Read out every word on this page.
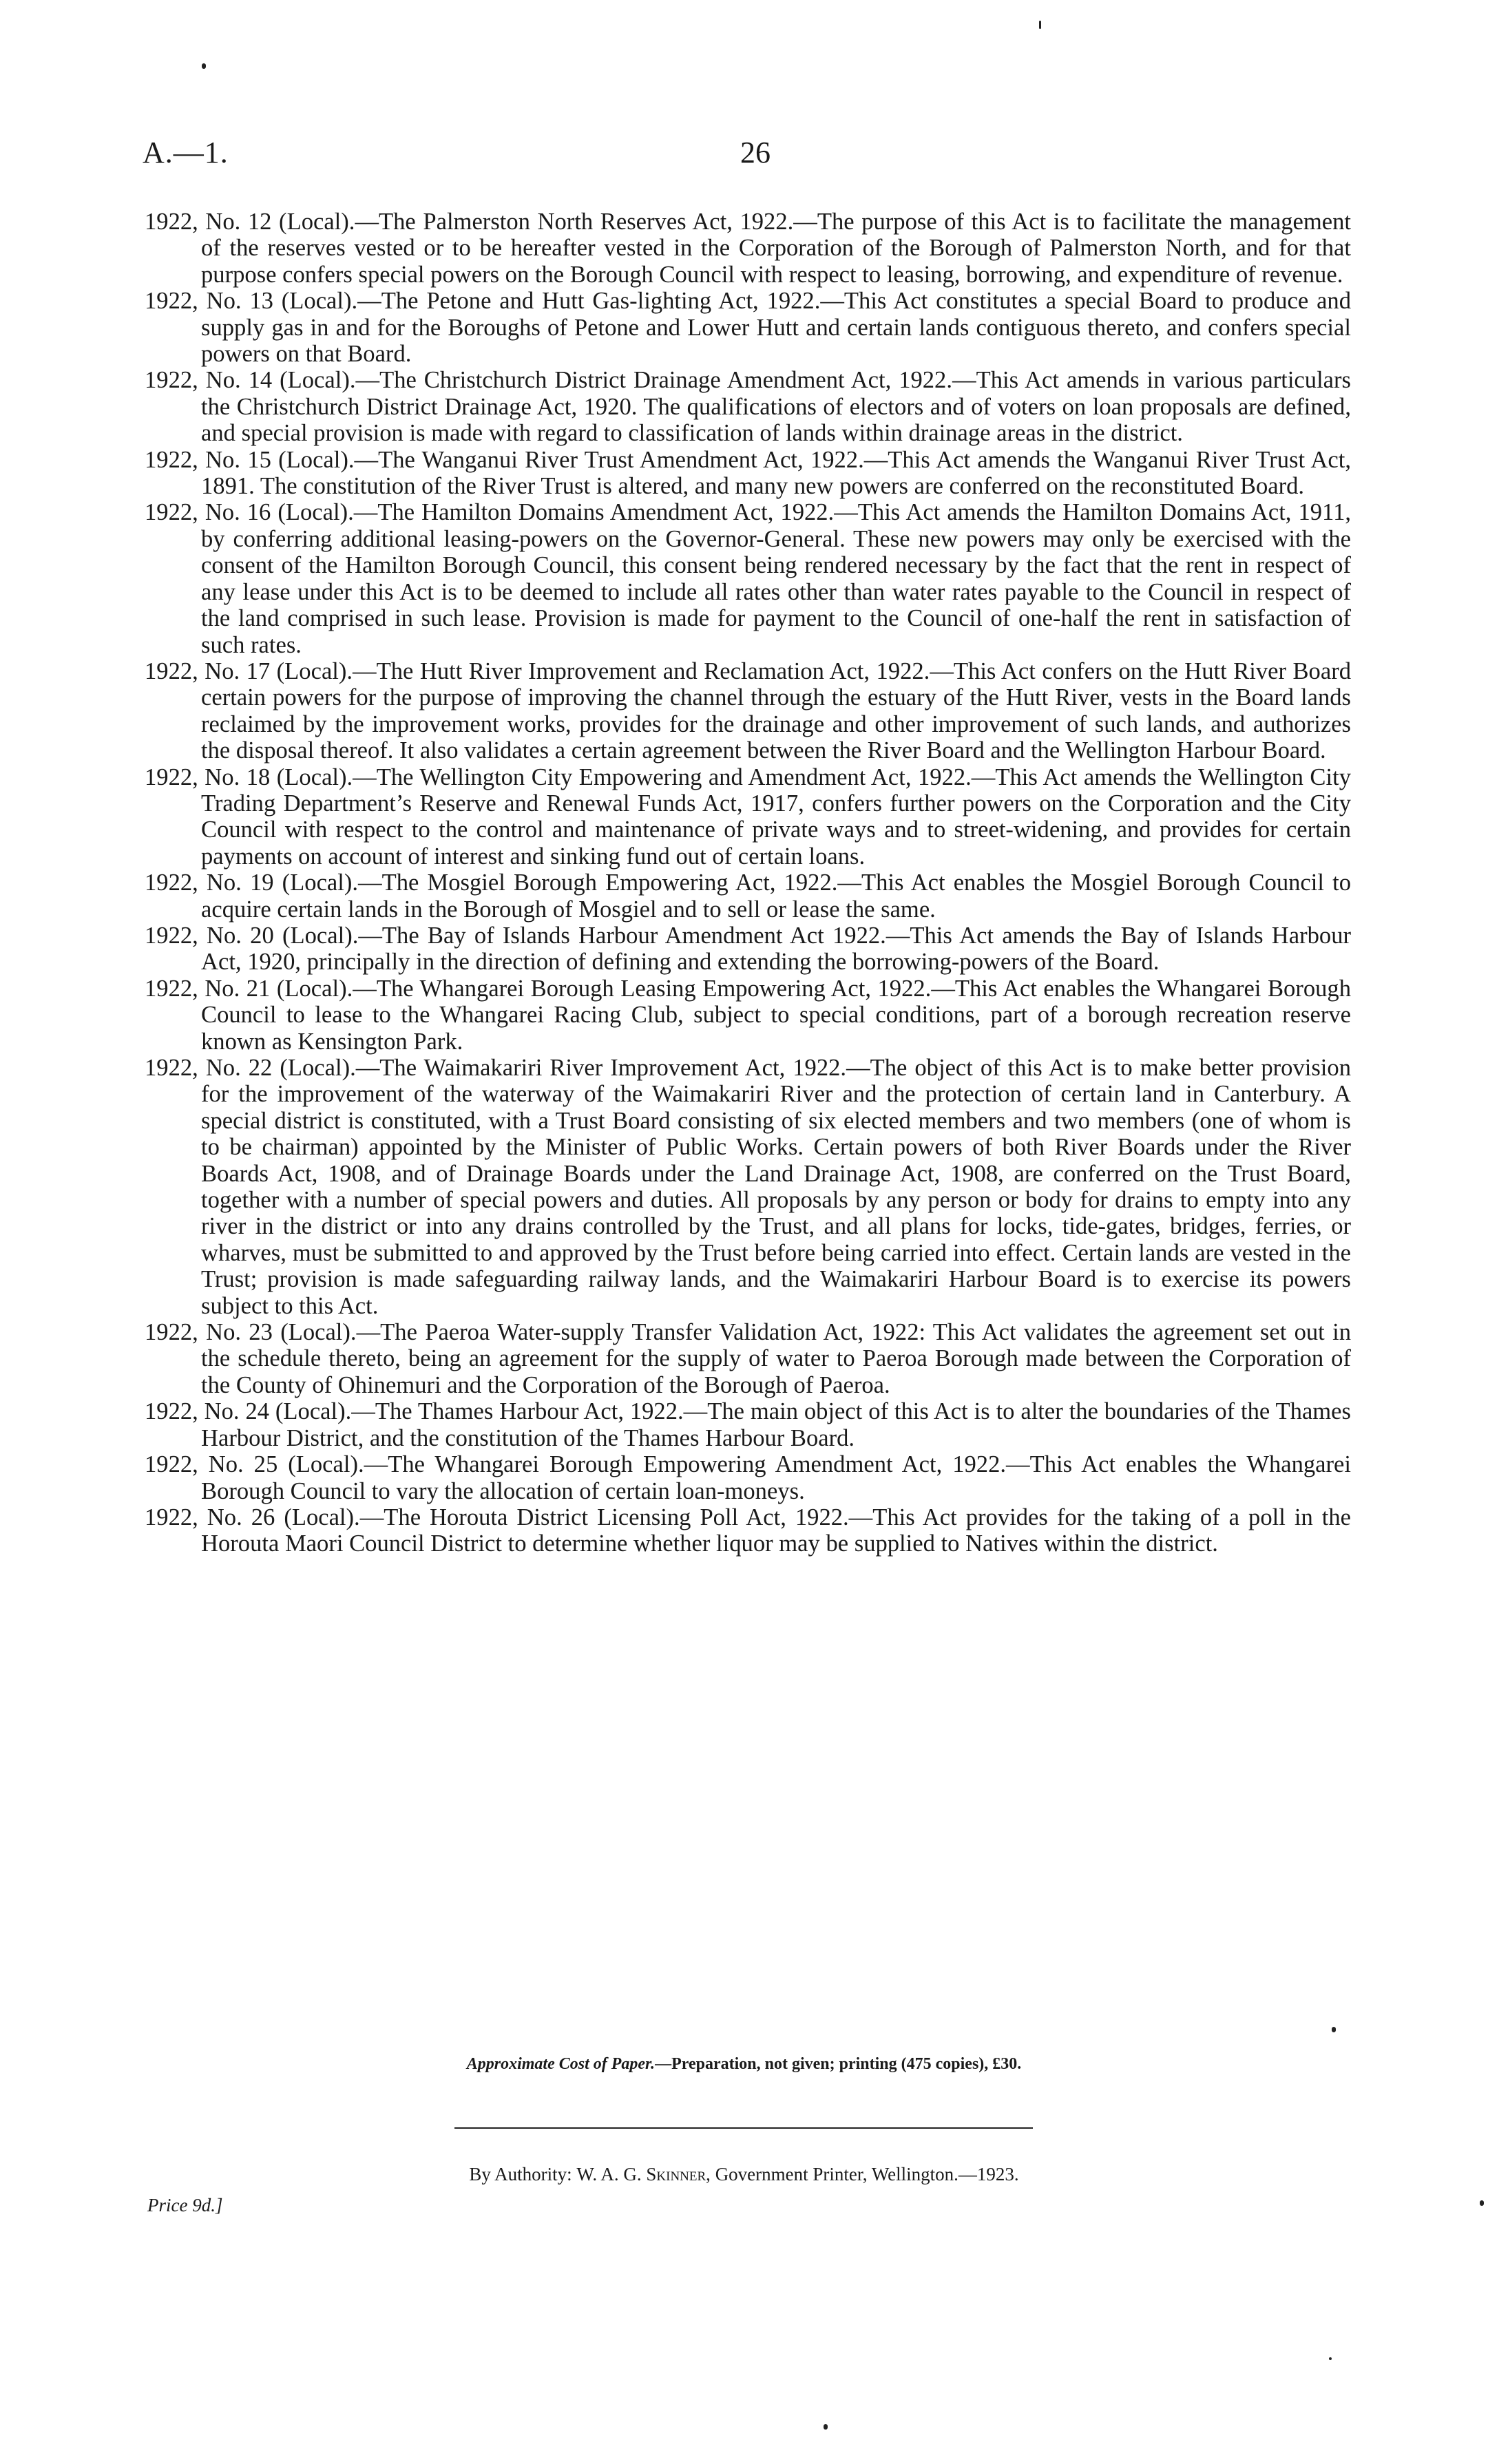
A.—1.	26

1922, No. 12 (Local).—The Palmerston North Reserves Act, 1922.—The purpose of this Act is to facilitate the management of the reserves vested or to be hereafter vested in the Corporation of the Borough of Palmerston North, and for that purpose confers special powers on the Borough Council with respect to leasing, borrowing, and expenditure of revenue.

1922, No. 13 (Local).—The Petone and Hutt Gas-lighting Act, 1922.—This Act constitutes a special Board to produce and supply gas in and for the Boroughs of Petone and Lower Hutt and certain lands contiguous thereto, and confers special powers on that Board.

1922, No. 14 (Local).—The Christchurch District Drainage Amendment Act, 1922.—This Act amends in various particulars the Christchurch District Drainage Act, 1920. The qualifications of electors and of voters on loan proposals are defined, and special provision is made with regard to classification of lands within drainage areas in the district.

1922, No. 15 (Local).—The Wanganui River Trust Amendment Act, 1922.—This Act amends the Wanganui River Trust Act, 1891. The constitution of the River Trust is altered, and many new powers are conferred on the reconstituted Board.

1922, No. 16 (Local).—The Hamilton Domains Amendment Act, 1922.—This Act amends the Hamilton Domains Act, 1911, by conferring additional leasing-powers on the Governor-General. These new powers may only be exercised with the consent of the Hamilton Borough Council, this consent being rendered necessary by the fact that the rent in respect of any lease under this Act is to be deemed to include all rates other than water rates payable to the Council in respect of the land comprised in such lease. Provision is made for payment to the Council of one-half the rent in satisfaction of such rates.

1922, No. 17 (Local).—The Hutt River Improvement and Reclamation Act, 1922.—This Act confers on the Hutt River Board certain powers for the purpose of improving the channel through the estuary of the Hutt River, vests in the Board lands reclaimed by the improvement works, provides for the drainage and other improvement of such lands, and authorizes the disposal thereof. It also validates a certain agreement between the River Board and the Wellington Harbour Board.

1922, No. 18 (Local).—The Wellington City Empowering and Amendment Act, 1922.—This Act amends the Wellington City Trading Department’s Reserve and Renewal Funds Act, 1917, confers further powers on the Corporation and the City Council with respect to the control and maintenance of private ways and to street-widening, and provides for certain payments on account of interest and sinking fund out of certain loans.

1922, No. 19 (Local).—The Mosgiel Borough Empowering Act, 1922.—This Act enables the Mosgiel Borough Council to acquire certain lands in the Borough of Mosgiel and to sell or lease the same.

1922, No. 20 (Local).—The Bay of Islands Harbour Amendment Act 1922.—This Act amends the Bay of Islands Harbour Act, 1920, principally in the direction of defining and extending the borrowing-powers of the Board.

1922, No. 21 (Local).—The Whangarei Borough Leasing Empowering Act, 1922.—This Act enables the Whangarei Borough Council to lease to the Whangarei Racing Club, subject to special conditions, part of a borough recreation reserve known as Kensington Park.

1922, No. 22 (Local).—The Waimakariri River Improvement Act, 1922.—The object of this Act is to make better provision for the improvement of the waterway of the Waimakariri River and the protection of certain land in Canterbury. A special district is constituted, with a Trust Board consisting of six elected members and two members (one of whom is to be chairman) appointed by the Minister of Public Works. Certain powers of both River Boards under the River Boards Act, 1908, and of Drainage Boards under the Land Drainage Act, 1908, are conferred on the Trust Board, together with a number of special powers and duties. All proposals by any person or body for drains to empty into any river in the district or into any drains controlled by the Trust, and all plans for locks, tide-gates, bridges, ferries, or wharves, must be submitted to and approved by the Trust before being carried into effect. Certain lands are vested in the Trust; provision is made safeguarding railway lands, and the Waimakariri Harbour Board is to exercise its powers subject to this Act.

1922, No. 23 (Local).—The Paeroa Water-supply Transfer Validation Act, 1922: This Act validates the agreement set out in the schedule thereto, being an agreement for the supply of water to Paeroa Borough made between the Corporation of the County of Ohinemuri and the Corporation of the Borough of Paeroa.

1922, No. 24 (Local).—The Thames Harbour Act, 1922.—The main object of this Act is to alter the boundaries of the Thames Harbour District, and the constitution of the Thames Harbour Board.

1922, No. 25 (Local).—The Whangarei Borough Empowering Amendment Act, 1922.—This Act enables the Whangarei Borough Council to vary the allocation of certain loan-moneys.

1922, No. 26 (Local).—The Horouta District Licensing Poll Act, 1922.—This Act provides for the taking of a poll in the Horouta Maori Council District to determine whether liquor may be supplied to Natives within the district.

Approximate Cost of Paper.—Preparation, not given; printing (475 copies), £30.
By Authority: W. A. G. Skinner, Government Printer, Wellington.—1923.
Price 9d.]
